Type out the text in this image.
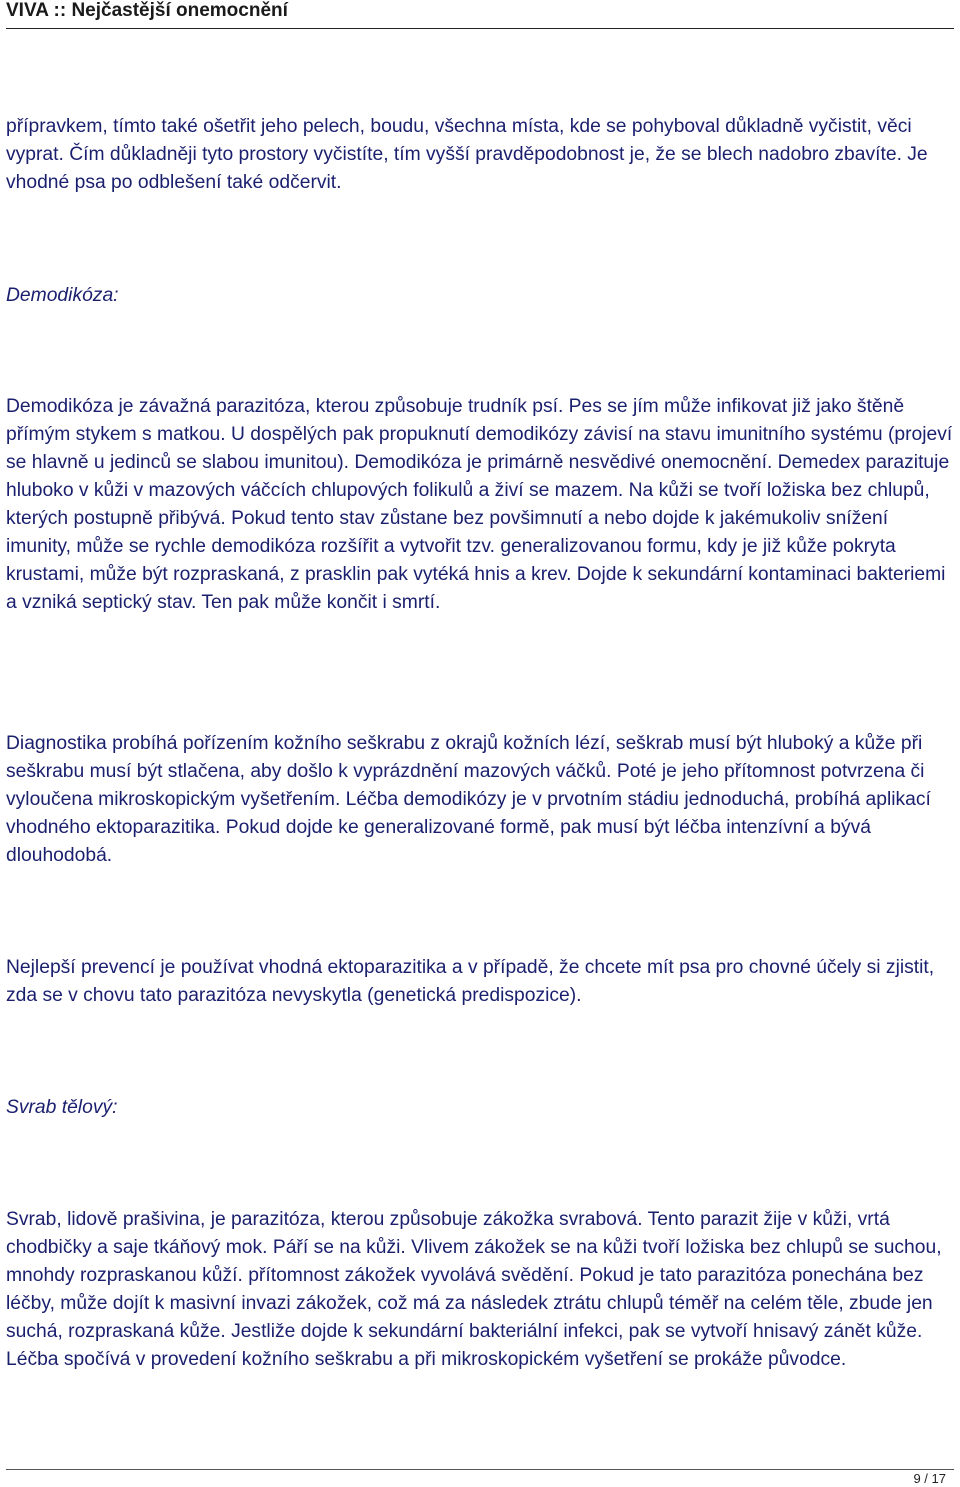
VIVA :: Nejčastější onemocnění

přípravkem, tímto také ošetřit jeho pelech, boudu, všechna místa, kde se pohyboval důkladně vyčistit, věci vyprat. Čím důkladněji tyto prostory vyčistíte, tím vyšší pravděpodobnost je, že se blech nadobro zbavíte. Je vhodné psa po odblešení také odčervit.

Demodikóza:

Demodikóza je závažná parazitóza, kterou způsobuje trudník psí. Pes se jím může infikovat již jako štěně přímým stykem s matkou. U dospělých pak propuknutí demodikózy závisí na stavu imunitního systému (projeví se hlavně u jedinců se slabou imunitou). Demodikóza je primárně nesvědivé onemocnění. Demedex parazituje hluboko v kůži v mazových váčcích chlupových folikulů a živí se mazem. Na kůži se tvoří ložiska bez chlupů, kterých postupně přibývá. Pokud tento stav zůstane bez povšimnutí a nebo dojde k jakémukoliv snížení imunity, může se rychle demodikóza rozšířit a vytvořit tzv. generalizovanou formu, kdy je již kůže pokryta krustami, může být rozpraskaná, z prasklin pak vytéká hnis a krev. Dojde k sekundární kontaminaci bakteriemi a vzniká septický stav. Ten pak může končit i smrtí.

Diagnostika probíhá pořízením kožního seškrabu z okrajů kožních lézí, seškrab musí být hluboký a kůže při seškrabu musí být stlačena, aby došlo k vyprázdnění mazových váčků. Poté je jeho přítomnost potvrzena či vyloučena mikroskopickým vyšetřením. Léčba demodikózy je v prvotním stádiu jednoduchá, probíhá aplikací vhodného ektoparazitika. Pokud dojde ke generalizované formě, pak musí být léčba intenzívní a bývá dlouhodobá.

Nejlepší prevencí je používat vhodná ektoparazitika a v případě, že chcete mít psa pro chovné účely si zjistit, zda se v chovu tato parazitóza nevyskytla (genetická predispozice).

Svrab tělový:

Svrab, lidově prašivina, je parazitóza, kterou způsobuje zákožka svrabová. Tento parazit žije v kůži, vrtá chodbičky a saje tkáňový mok. Páří se na kůži. Vlivem zákožek se na kůži tvoří ložiska bez chlupů se suchou, mnohdy rozpraskanou kůží. přítomnost zákožek vyvolává svědění. Pokud je tato parazitóza ponechána bez léčby, může dojít k masivní invazi zákožek, což má za následek ztrátu chlupů téměř na celém těle, zbude jen suchá, rozpraskaná kůže. Jestliže dojde k sekundární bakteriální infekci, pak se vytvoří hnisavý zánět kůže. Léčba spočívá v provedení kožního seškrabu a při mikroskopickém vyšetření se prokáže původce.

9 / 17
